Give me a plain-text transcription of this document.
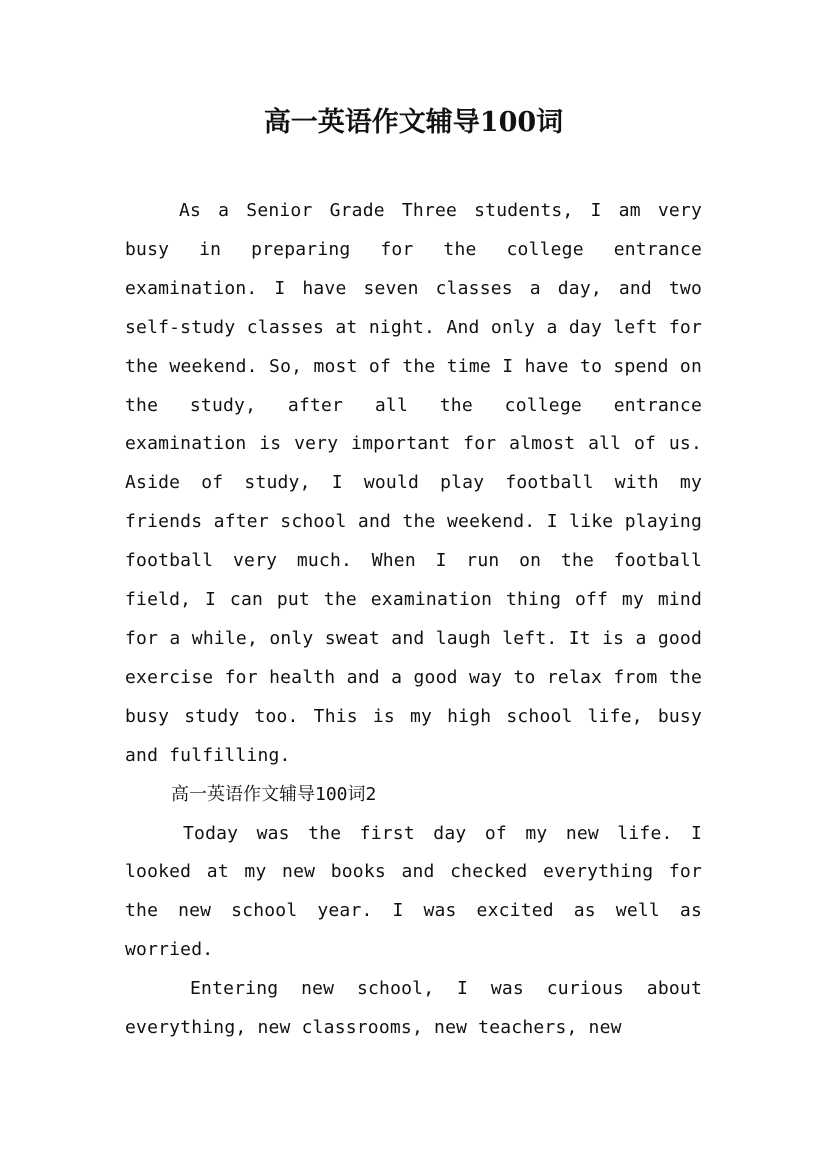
高一英语作文辅导100词

As a Senior Grade Three students, I am very busy in preparing for the college entrance examination. I have seven classes a day, and two self-study classes at night. And only a day left for the weekend. So, most of the time I have to spend on the study, after all the college entrance examination is very important for almost all of us. Aside of study, I would play football with my friends after school and the weekend. I like playing football very much. When I run on the football field, I can put the examination thing off my mind for a while, only sweat and laugh left. It is a good exercise for health and a good way to relax from the busy study too. This is my high school life, busy and fulfilling.

高一英语作文辅导100词2

Today was the first day of my new life. I looked at my new books and checked everything for the new school year. I was excited as well as worried.

Entering new school, I was curious about everything, new classrooms, new teachers, new
